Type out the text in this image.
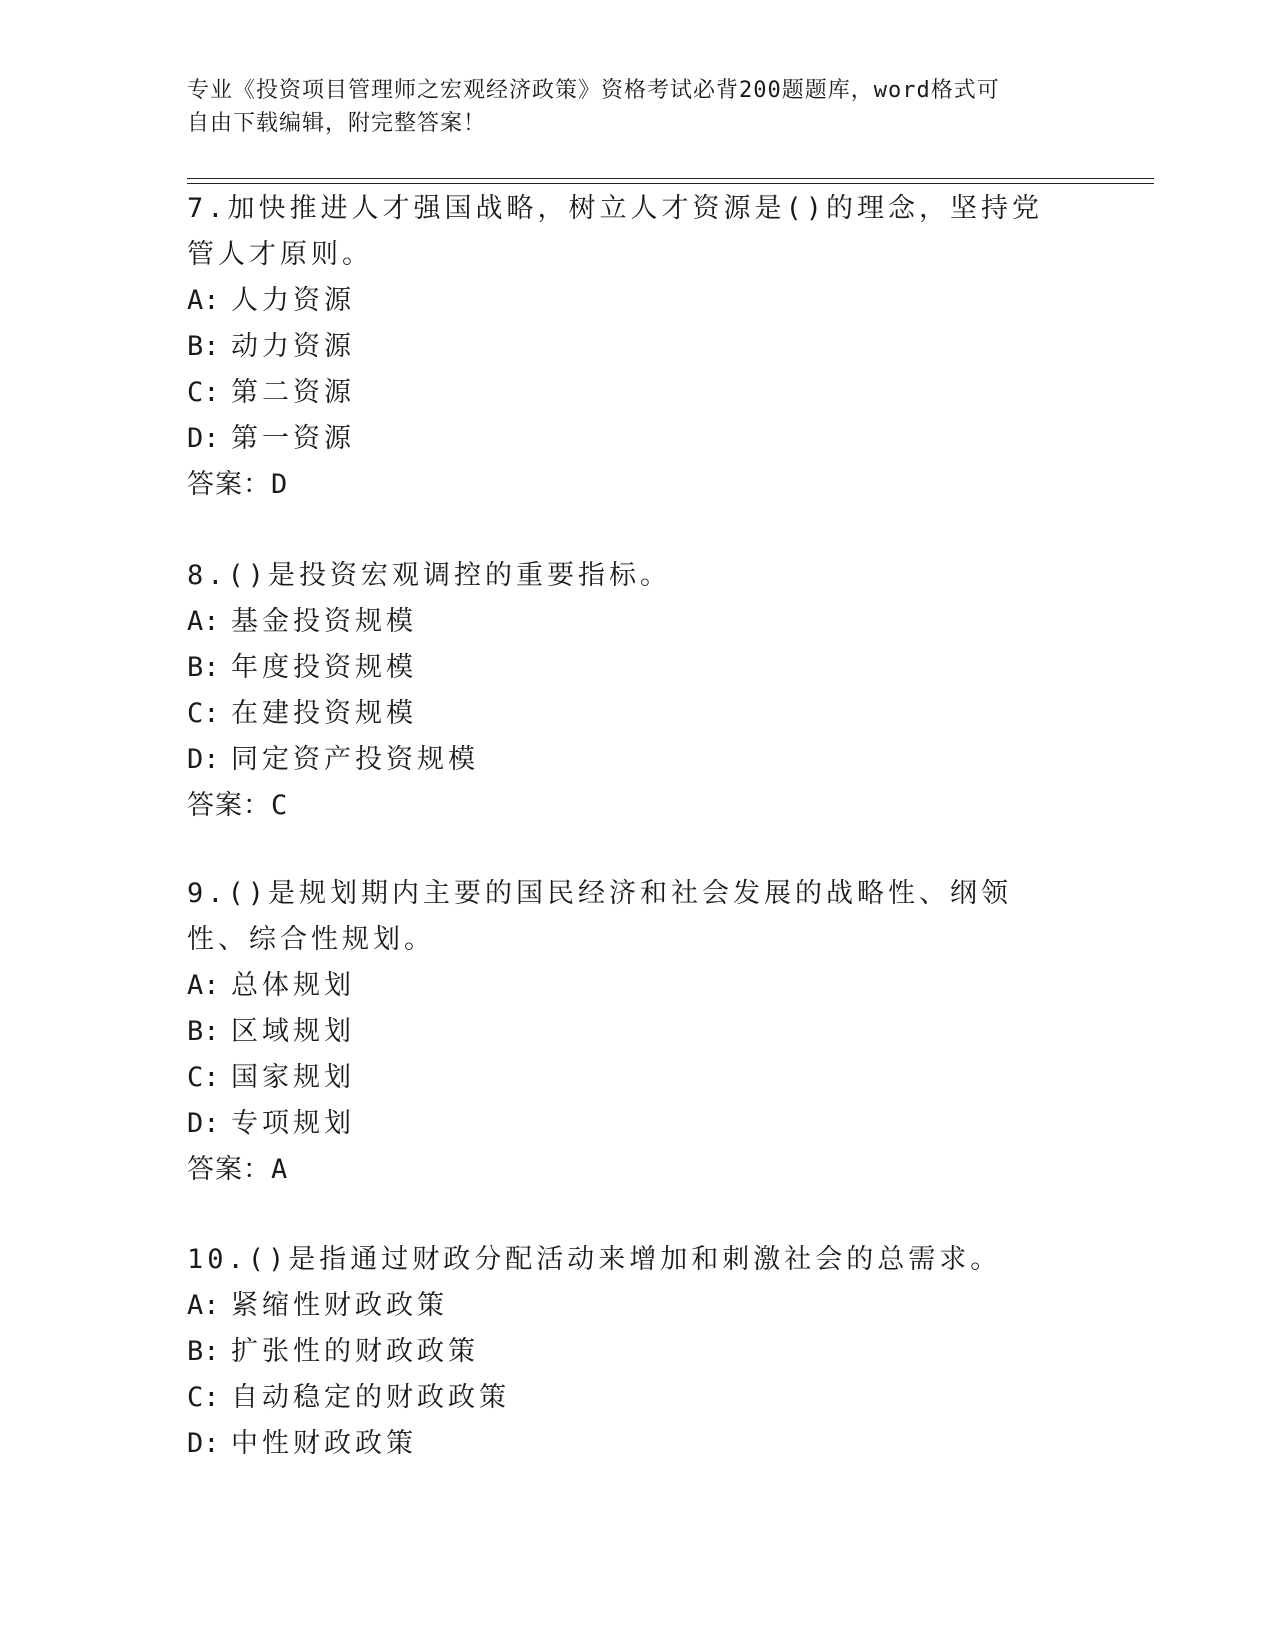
专业《投资项目管理师之宏观经济政策》资格考试必背200题题库，word格式可
自由下载编辑，附完整答案！

7.加快推进人才强国战略，树立人才资源是()的理念，坚持党管人才原则。

A: 人力资源
B: 动力资源
C: 第二资源
D: 第一资源
答案：D

8.()是投资宏观调控的重要指标。

A: 基金投资规模
B: 年度投资规模
C: 在建投资规模
D: 同定资产投资规模
答案：C

9.()是规划期内主要的国民经济和社会发展的战略性、纲领性、综合性规划。

A: 总体规划
B: 区域规划
C: 国家规划
D: 专项规划
答案：A

10.()是指通过财政分配活动来增加和刺激社会的总需求。

A: 紧缩性财政政策
B: 扩张性的财政政策
C: 自动稳定的财政政策
D: 中性财政政策
